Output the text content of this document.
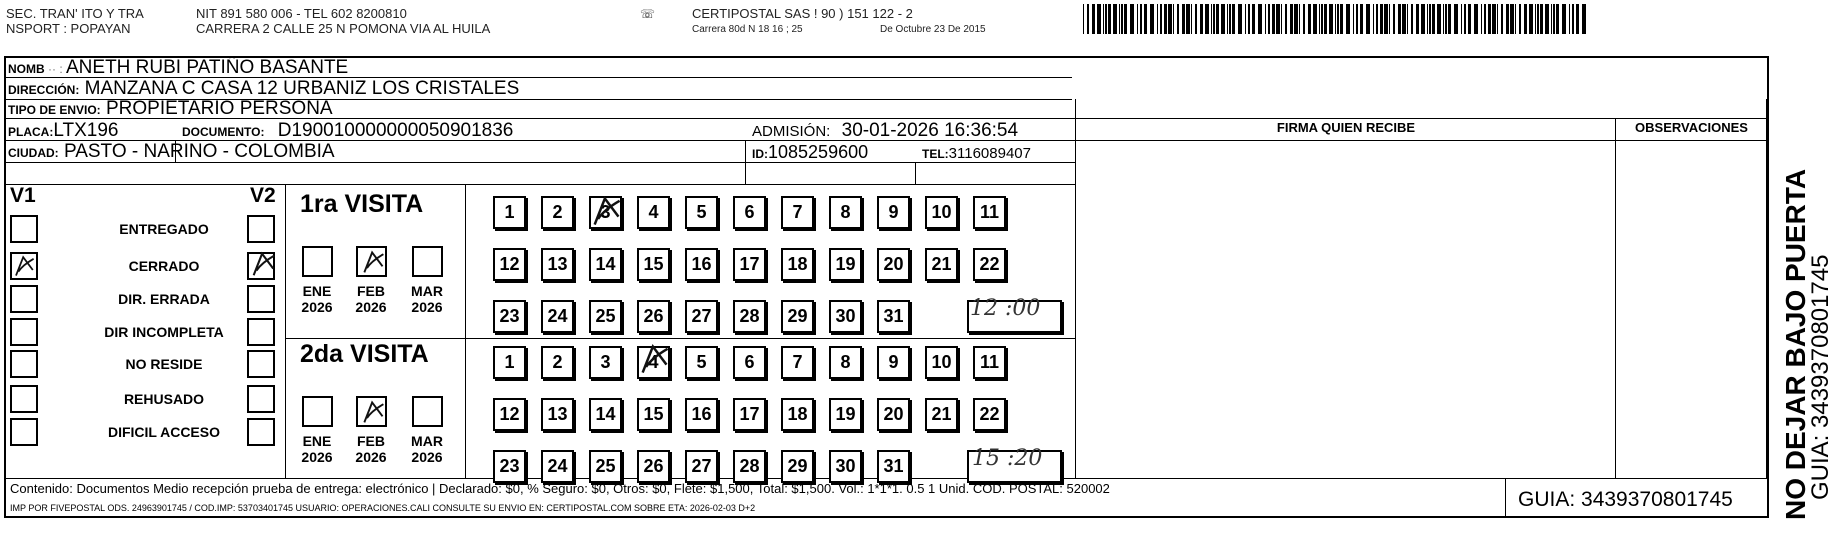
SEC. TRAN' ITO Y TRA
NSPORT : POPAYAN
NIT 891 580 006 - TEL 602 8200810
CARRERA 2 CALLE 25 N POMONA VIA AL HUILA
☏	CERTIPOSTAL SAS ! 90 ) 151 122 - 2
Carrera 80d N 18 16 ; 25	De Octubre 23 De 2015
NOMB ·· : ANETH RUBI PATIÑO BASANTE
DIRECCIÓN: MANZANA C CASA 12 URBANIZ LOS CRISTALES
TIPO DE ENVIO: PROPIETARIO PERSONA
FIRMA QUIEN RECIBE	OBSERVACIONES
PLACA:LTX196	DOCUMENTO: D190010000000050901836	ADMISIÓN: 30-01-2026 16:36:54
CIUDAD: PASTO - NARINO - COLOMBIA	ID:1085259600	TEL:3116089407
V1	V2
ENTREGADO
CERRADO
DIR. ERRADA
DIR INCOMPLETA
NO RESIDE
REHUSADO
DIFICIL ACCESO
1ra VISITA
ENE
2026
FEB
2026
MAR
2026
1	2	3	4	5	6	7	8	9	10	11
12	13	14	15	16	17	18	19	20	21	22
23	24	25	26	27	28	29	30	31	12 :00
2da VISITA
ENE
2026
FEB
2026
MAR
2026
1	2	3	4	5	6	7	8	9	10	11
12	13	14	15	16	17	18	19	20	21	22
23	24	25	26	27	28	29	30	31	15 :20
Contenido: Documentos Medio recepción prueba de entrega: electrónico | Declarado: $0, % Seguro: $0, Otros: $0, Flete: $1,500, Total: $1,500. Vol.: 1*1*1. 0.5 1 Unid. COD. POSTAL: 520002
IMP POR FIVEPOSTAL ODS. 24963901745 / COD.IMP: 53703401745 USUARIO: OPERACIONES.CALI CONSULTE SU ENVIO EN: CERTIPOSTAL.COM SOBRE ETA: 2026-02-03 D+2	GUIA: 3439370801745 NO DEJAR BAJO PUERTA
GUIA: 3439370801745
